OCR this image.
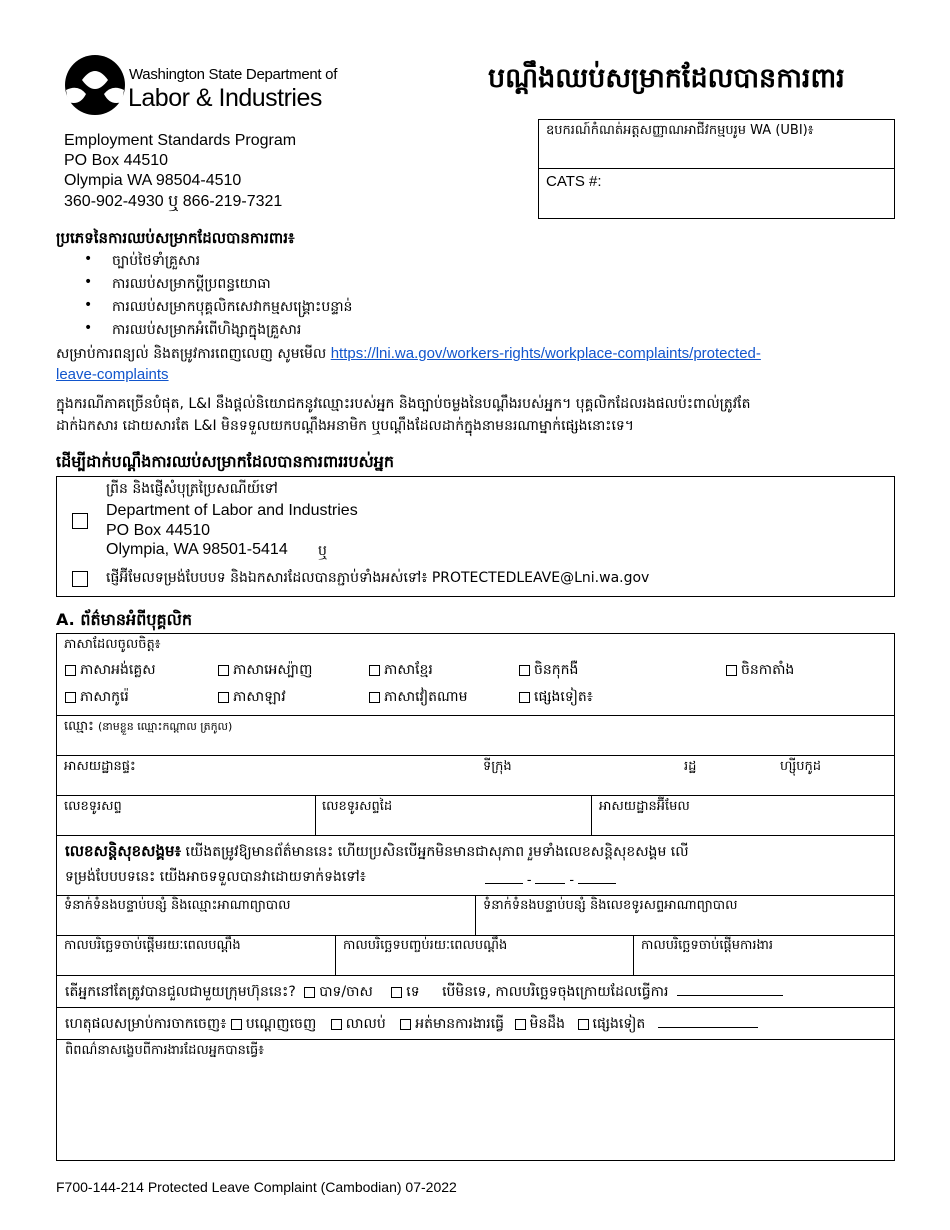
Washington State Department of
Labor & Industries
បណ្តឹងឈប់សម្រាកដែលបានការពារ
Employment Standards Program
PO Box 44510
Olympia WA 98504-4510
360-902-4930 ឬ 866-219-7321
ឧបករណ៍កំណត់អត្តសញ្ញាណអាជីវកម្មបរូម WA (UBI)៖
CATS #:
ប្រភេទនៃការឈប់សម្រាកដែលបានការពារ៖
• ច្បាប់ថៃទាំគ្រួសារ
• ការឈប់សម្រាកប្តីប្រពន្ធយោធា
• ការឈប់សម្រាកបុគ្គលិកសេវាកម្មសង្គ្រោះបន្ទាន់
• ការឈប់សម្រាកអំពើហិង្សាក្នុងគ្រួសារ
សម្រាប់ការពន្យល់ និងតម្រូវការពេញលេញ សូមមើល https://lni.wa.gov/workers-rights/workplace-complaints/protected-
leave-complaints
ក្នុងករណីភាគច្រើនបំផុត, L&I នឹងផ្តល់និយោជកនូវឈ្មោះរបស់អ្នក និងច្បាប់ចម្លងនៃបណ្តឹងរបស់អ្នក។ បុគ្គលិកដែលរងផលប៉ះពាល់ត្រូវតែ
ដាក់ឯកសារ ដោយសារតែ L&I មិនទទួលយកបណ្តឹងអនាមិក ឬបណ្តឹងដែលដាក់ក្នុងនាមនរណាម្នាក់ផ្សេងនោះទេ។
ដើម្បីដាក់បណ្តឹងការឈប់សម្រាកដែលបានការពាររបស់អ្នក
ព្រីន និងផ្ញើសំបុត្រប្រៃសណីយ៍ទៅ
Department of Labor and Industries
PO Box 44510
Olympia, WA 98501-5414 ឬ
ផ្ញើអ៊ីមែលទម្រង់បែបបទ និងឯកសារដែលបានភ្ជាប់ទាំងអស់ទៅ៖ PROTECTEDLEAVE@Lni.wa.gov
A. ព័ត៌មានអំពីបុគ្គលិក
ភាសាដែលចូលចិត្ត៖
ភាសាអង់គ្លេស	ភាសាអេស្ប៉ាញ	ភាសាខ្មែរ	ចិនកុកងឺ	ចិនកាតាំង
ភាសាកូរ៉េ	ភាសាឡាវ	ភាសាវៀតណាម	ផ្សេងទៀត៖
ឈ្មោះ (នាមខ្លួន ឈ្មោះកណ្តាល ត្រកូល)
អាសយដ្ឋានផ្ទះ	ទីក្រុង	រដ្ឋ	ហ្ស៊ីបកូដ
លេខទូរសព្ទ	លេខទូរសព្ទដៃ	អាសយដ្ឋានអ៊ីមែល
លេខសន្តិសុខសង្គម៖ យើងតម្រូវឱ្យមានព័ត៌មាននេះ ហើយប្រសិនបើអ្នកមិនមានជាសុភាព រួមទាំងលេខសន្តិសុខសង្គម លើ
ទម្រង់បែបបទនេះ យើងអាចទទួលបានវាដោយទាក់ទងទៅ៖	-  -
ទំនាក់ទំនងបន្ទាប់បន្សំ និងឈ្មោះអាណាព្យាបាល	ទំនាក់ទំនងបន្ទាប់បន្សំ និងលេខទូរសព្ទអាណាព្យាបាល
កាលបរិច្ឆេទចាប់ផ្តើមរយៈពេលបណ្តឹង	កាលបរិច្ឆេទបញ្ចប់រយៈពេលបណ្តឹង	កាលបរិច្ឆេទចាប់ផ្តើមការងារ
តើអ្នកនៅតែត្រូវបានជួលជាមួយក្រុមហ៊ុននេះ? បាទ/ចាស ទេ បើមិនទេ, កាលបរិច្ឆេទចុងក្រោយដែលធ្វើការ
ហេតុផលសម្រាប់ការចាកចេញ៖ បណ្តេញចេញ លាលប់ អត់មានការងារធ្វើ មិនដឹង ផ្សេងទៀត
ពិពណ៌នាសង្ខេបពីការងារដែលអ្នកបានធ្វើ៖
F700-144-214 Protected Leave Complaint (Cambodian) 07-2022
